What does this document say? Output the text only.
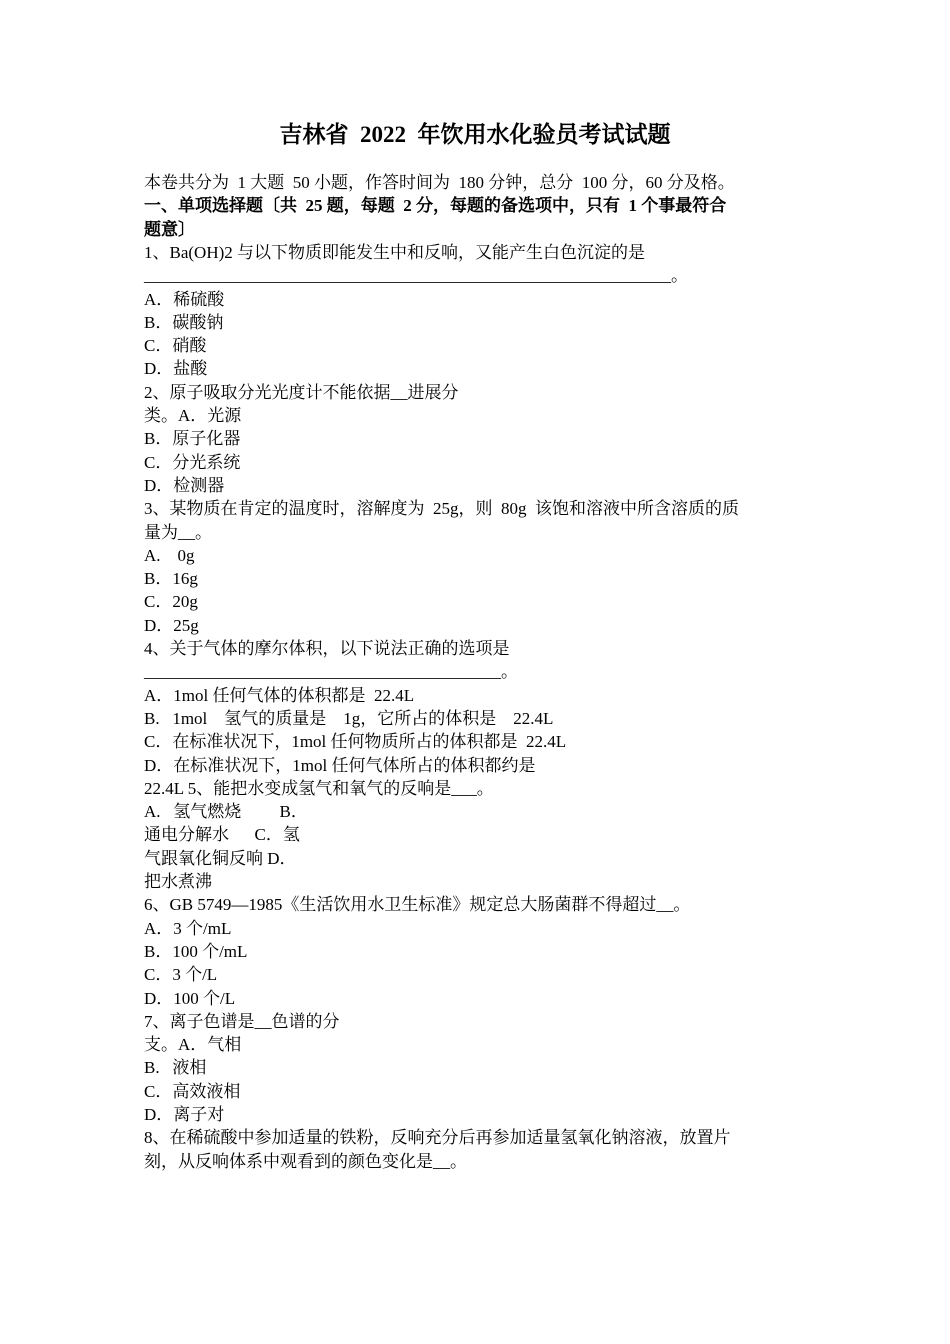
吉林省  2022  年饮用水化验员考试试题
本卷共分为  1 大题  50 小题，作答时间为  180 分钟，总分  100 分，60 分及格。
一、单项选择题〔共  25 题，每题  2 分，每题的备选项中，只有  1 个事最符合
题意〕
1、Ba(OH)2 与以下物质即能发生中和反响，又能产生白色沉淀的是
______________________________________________________________。
A．稀硫酸
B．碳酸钠
C．硝酸
D．盐酸
2、原子吸取分光光度计不能依据__进展分
类。A．光源
B．原子化器
C．分光系统
D．检测器
3、某物质在肯定的温度时，溶解度为  25g，则  80g  该饱和溶液中所含溶质的质
量为__。
A.    0g
B．16g
C．20g
D．25g
4、关于气体的摩尔体积，以下说法正确的选项是
__________________________________________。
A．1mol 任何气体的体积都是  22.4L
B.   1mol    氢气的质量是    1g，它所占的体积是    22.4L
C．在标准状况下，1mol 任何物质所占的体积都是  22.4L
D．在标准状况下，1mol 任何气体所占的体积都约是
22.4L 5、能把水变成氢气和氧气的反响是___。
A.   氢气燃烧         B．
通电分解水      C．氢
气跟氧化铜反响 D．
把水煮沸
6、GB 5749—1985《生活饮用水卫生标准》规定总大肠菌群不得超过__。
A．3 个/mL
B．100 个/mL
C．3 个/L
D．100 个/L
7、离子色谱是__色谱的分
支。A．气相
B.   液相
C．高效液相
D．离子对
8、在稀硫酸中参加适量的铁粉，反响充分后再参加适量氢氧化钠溶液，放置片
刻，从反响体系中观看到的颜色变化是__。
